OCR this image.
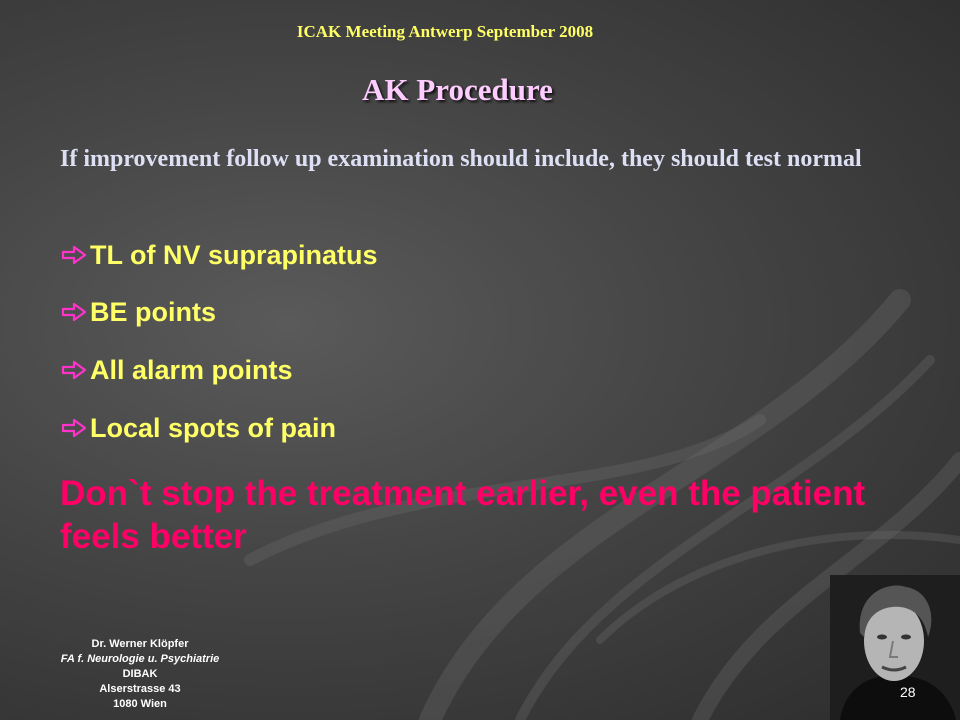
ICAK Meeting Antwerp September 2008
AK Procedure
If improvement follow up examination should include, they should test normal
TL of NV suprapinatus
BE points
All alarm points
Local spots of pain
Don`t stop the treatment earlier, even the patient feels better
Dr. Werner Klöpfer
FA f. Neurologie u. Psychiatrie
DIBAK
Alserstrasse 43
1080 Wien
28
